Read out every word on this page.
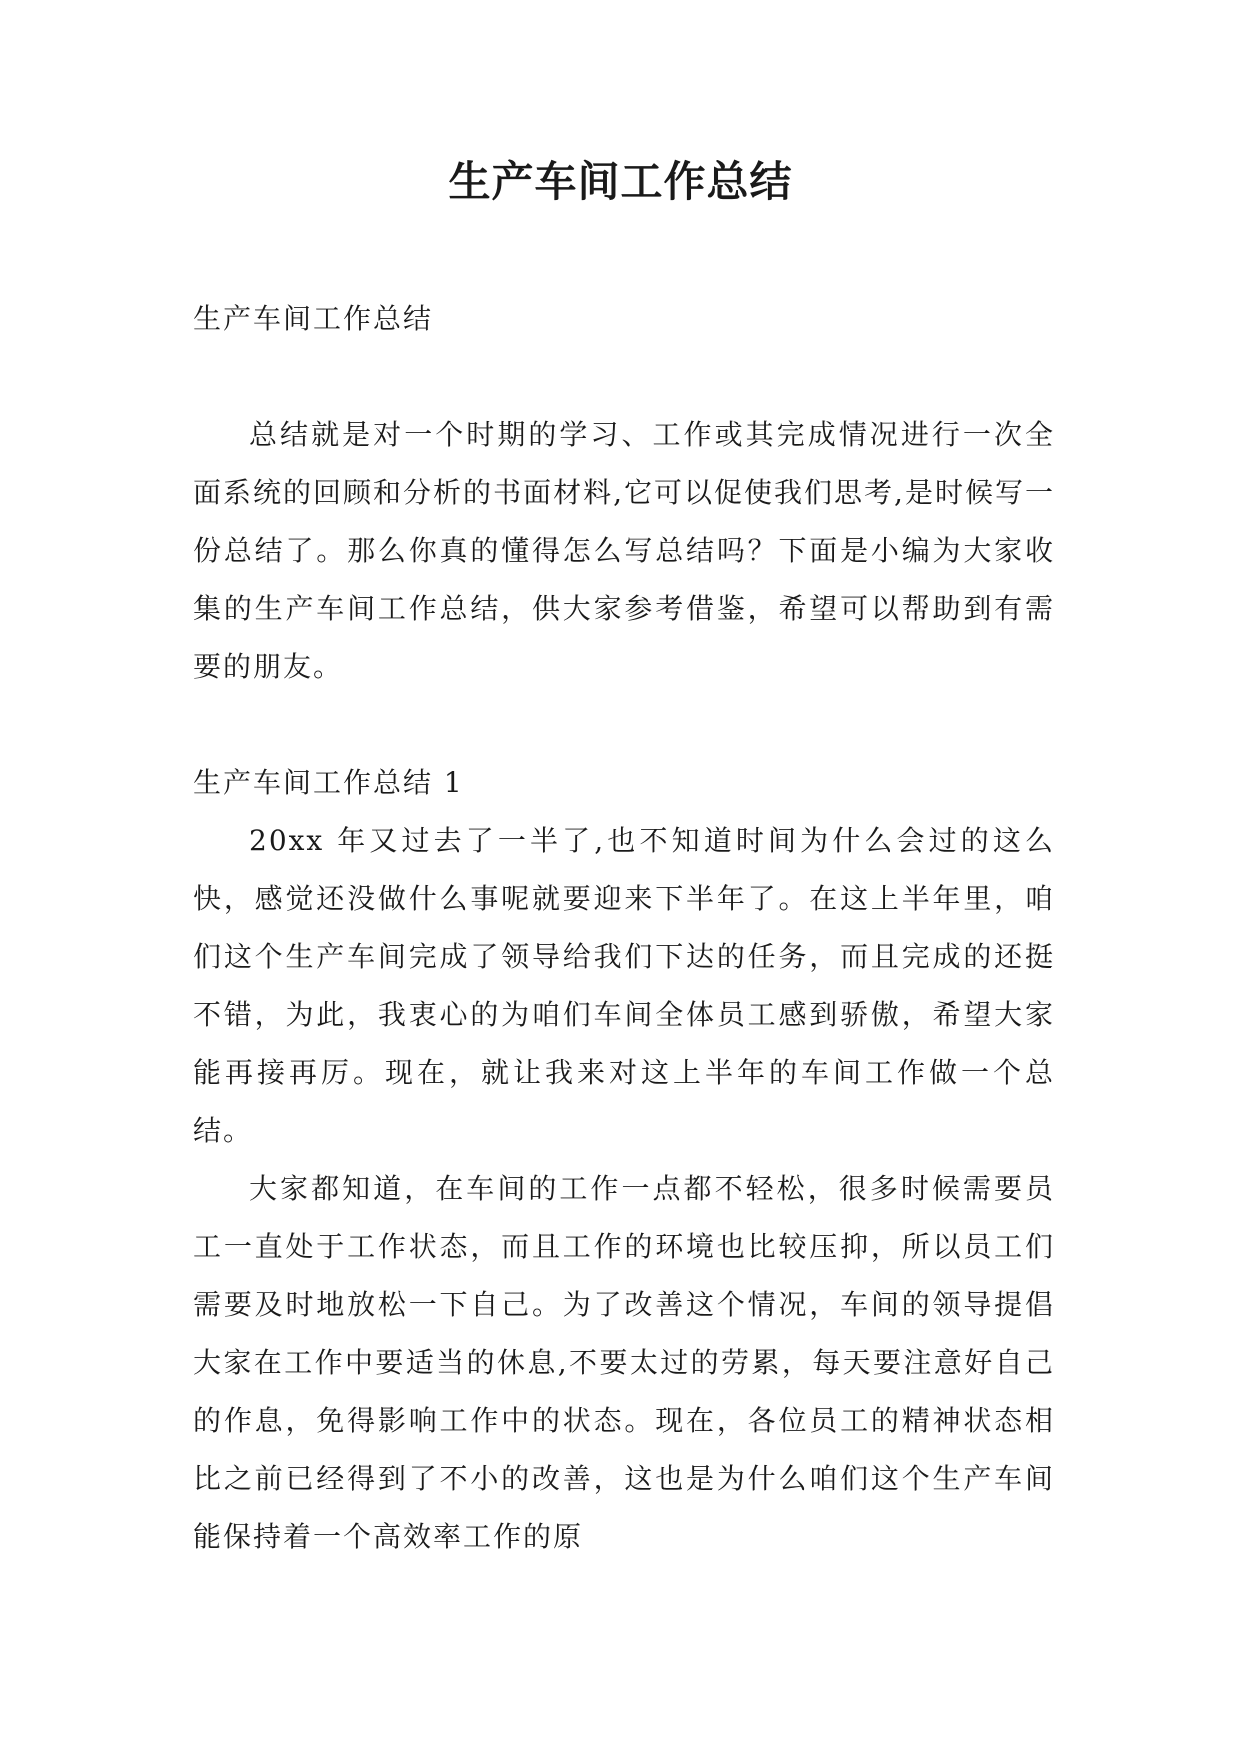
生产车间工作总结

生产车间工作总结

总结就是对一个时期的学习、工作或其完成情况进行一次全面系统的回顾和分析的书面材料,它可以促使我们思考,是时候写一份总结了。那么你真的懂得怎么写总结吗？下面是小编为大家收集的生产车间工作总结，供大家参考借鉴，希望可以帮助到有需要的朋友。

生产车间工作总结 1

20xx 年又过去了一半了,也不知道时间为什么会过的这么快，感觉还没做什么事呢就要迎来下半年了。在这上半年里，咱们这个生产车间完成了领导给我们下达的任务，而且完成的还挺不错，为此，我衷心的为咱们车间全体员工感到骄傲，希望大家能再接再厉。现在，就让我来对这上半年的车间工作做一个总结。

大家都知道，在车间的工作一点都不轻松，很多时候需要员工一直处于工作状态，而且工作的环境也比较压抑，所以员工们需要及时地放松一下自己。为了改善这个情况，车间的领导提倡大家在工作中要适当的休息,不要太过的劳累，每天要注意好自己的作息，免得影响工作中的状态。现在，各位员工的精神状态相比之前已经得到了不小的改善，这也是为什么咱们这个生产车间能保持着一个高效率工作的原
